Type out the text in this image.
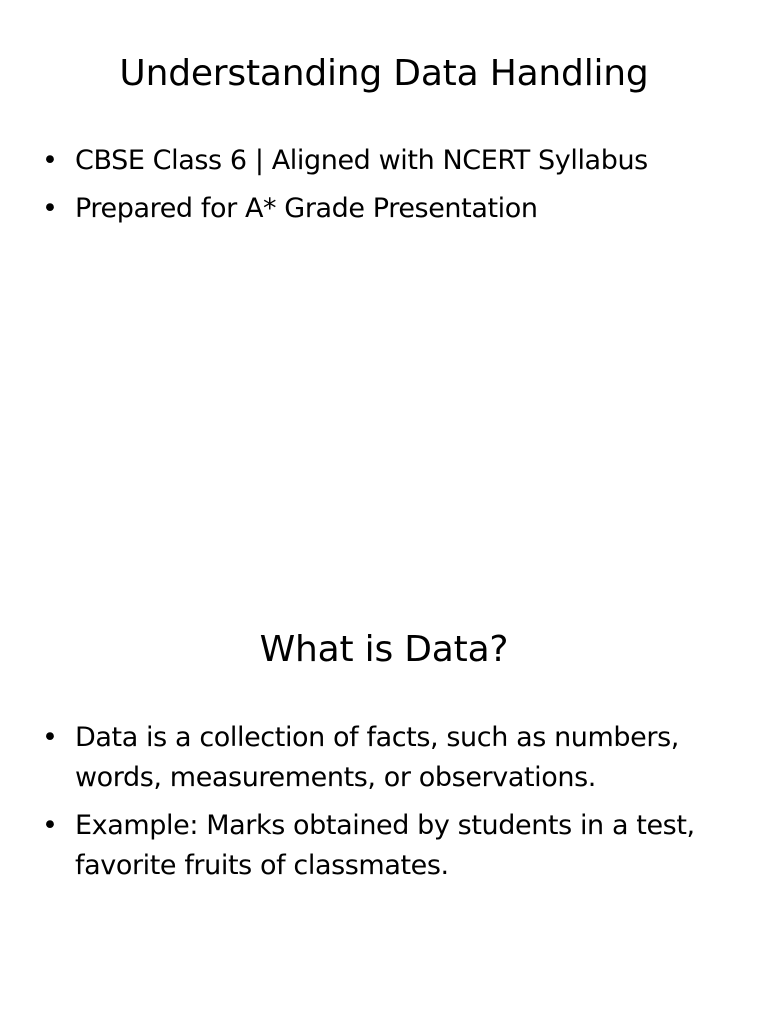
Understanding Data Handling
• CBSE Class 6 | Aligned with NCERT Syllabus
• Prepared for A* Grade Presentation
What is Data?
• Data is a collection of facts, such as numbers, words, measurements, or observations.
• Example: Marks obtained by students in a test, favorite fruits of classmates.
